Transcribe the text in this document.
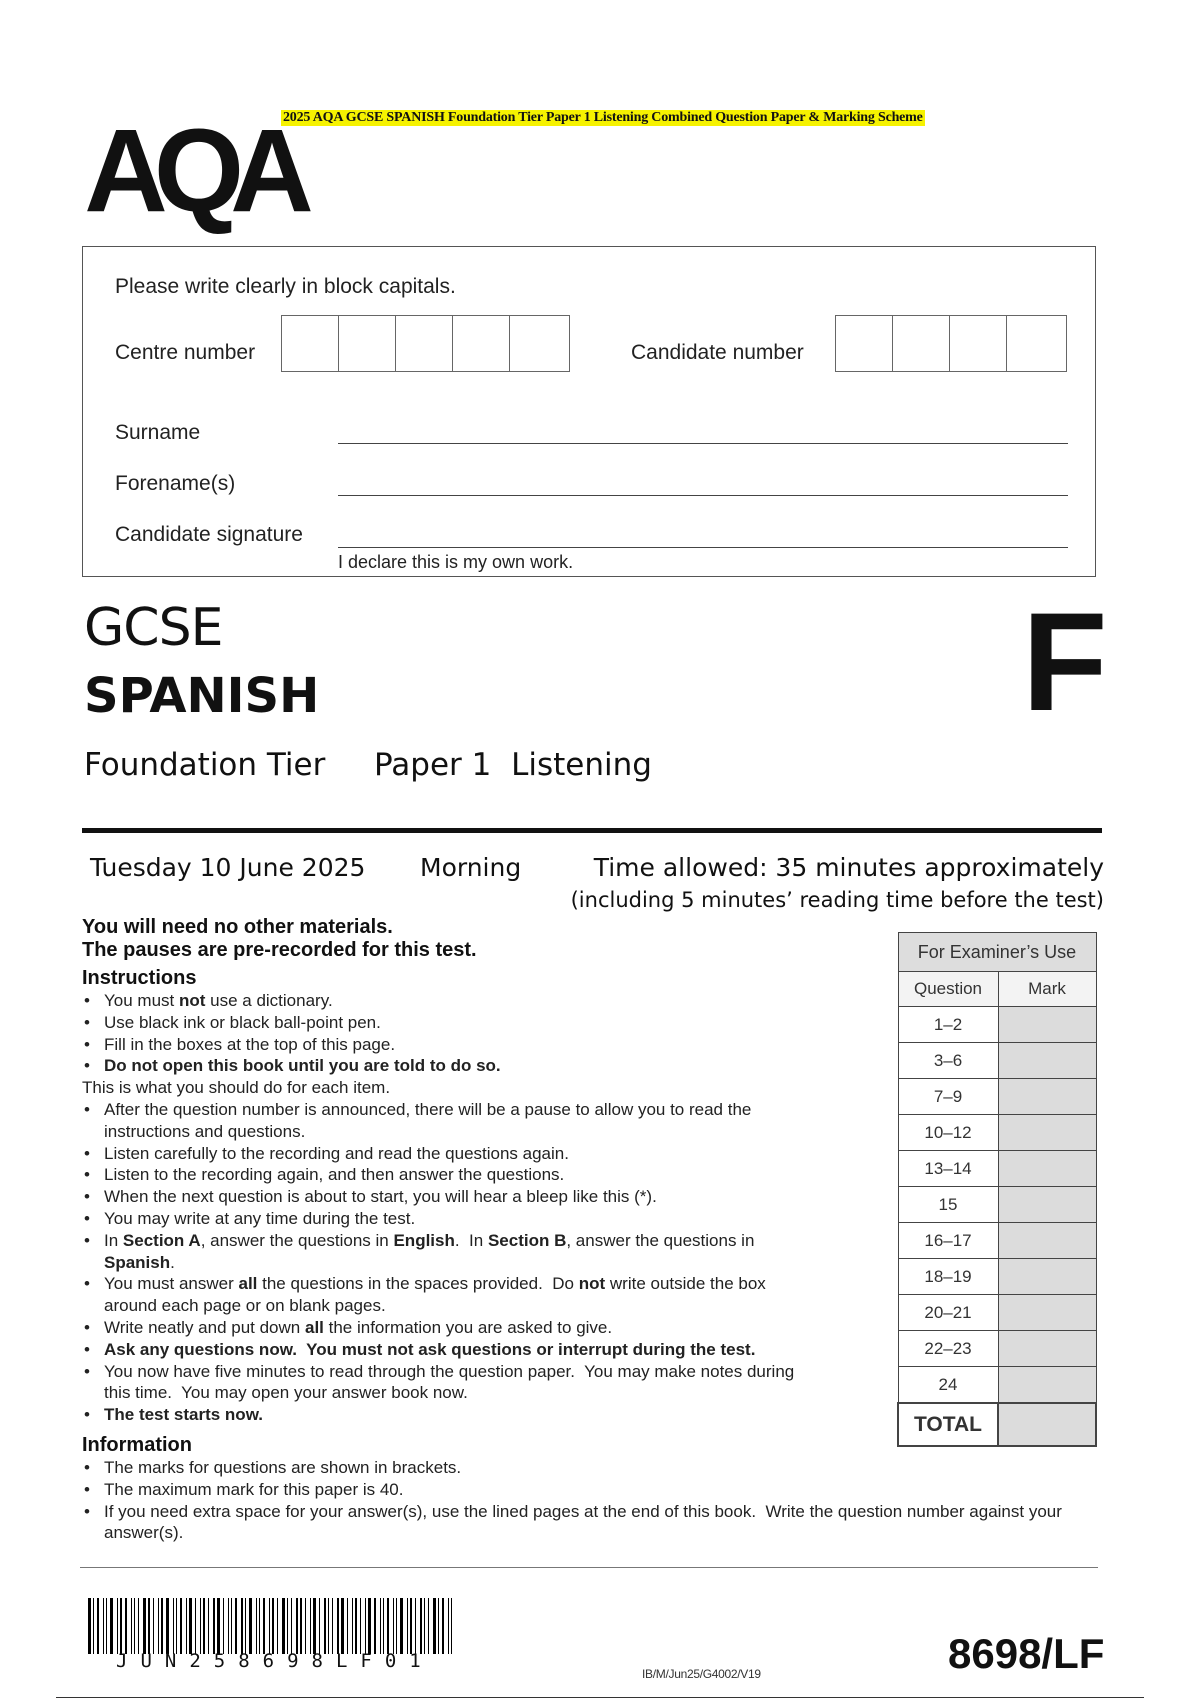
2025 AQA GCSE SPANISH Foundation Tier Paper 1 Listening Combined Question Paper & Marking Scheme
AQA
Please write clearly in block capitals.
Centre number	Candidate number
Surname
Forename(s)
Candidate signature
I declare this is my own work.
GCSE
SPANISH	F
Foundation Tier Paper 1  Listening
Tuesday 10 June 2025 Morning	Time allowed: 35 minutes approximately
(including 5 minutes’ reading time before the test)
You will need no other materials.
The pauses are pre-recorded for this test.
Instructions
• You must not use a dictionary.
• Use black ink or black ball-point pen.
• Fill in the boxes at the top of this page.
• Do not open this book until you are told to do so.
This is what you should do for each item.
• After the question number is announced, there will be a pause to allow you to read the instructions and questions.
• Listen carefully to the recording and read the questions again.
• Listen to the recording again, and then answer the questions.
• When the next question is about to start, you will hear a bleep like this (*).
• You may write at any time during the test.
• In Section A, answer the questions in English.  In Section B, answer the questions in Spanish.
• You must answer all the questions in the spaces provided.  Do not write outside the box around each page or on blank pages.
• Write neatly and put down all the information you are asked to give.
• Ask any questions now.  You must not ask questions or interrupt during the test.
• You now have five minutes to read through the question paper.  You may make notes during this time.  You may open your answer book now.
• The test starts now.
Information
• The marks for questions are shown in brackets.
• The maximum mark for this paper is 40.
• If you need extra space for your answer(s), use the lined pages at the end of this book.  Write the question number against your answer(s).
For Examiner’s Use	
Question	Mark
1–2	
3–6	
7–9	
10–12	
13–14	
15	
16–17	
18–19	
20–21	
22–23	
24	
TOTAL	
JUN258698LF01
IB/M/Jun25/G4002/V19	8698/LF
